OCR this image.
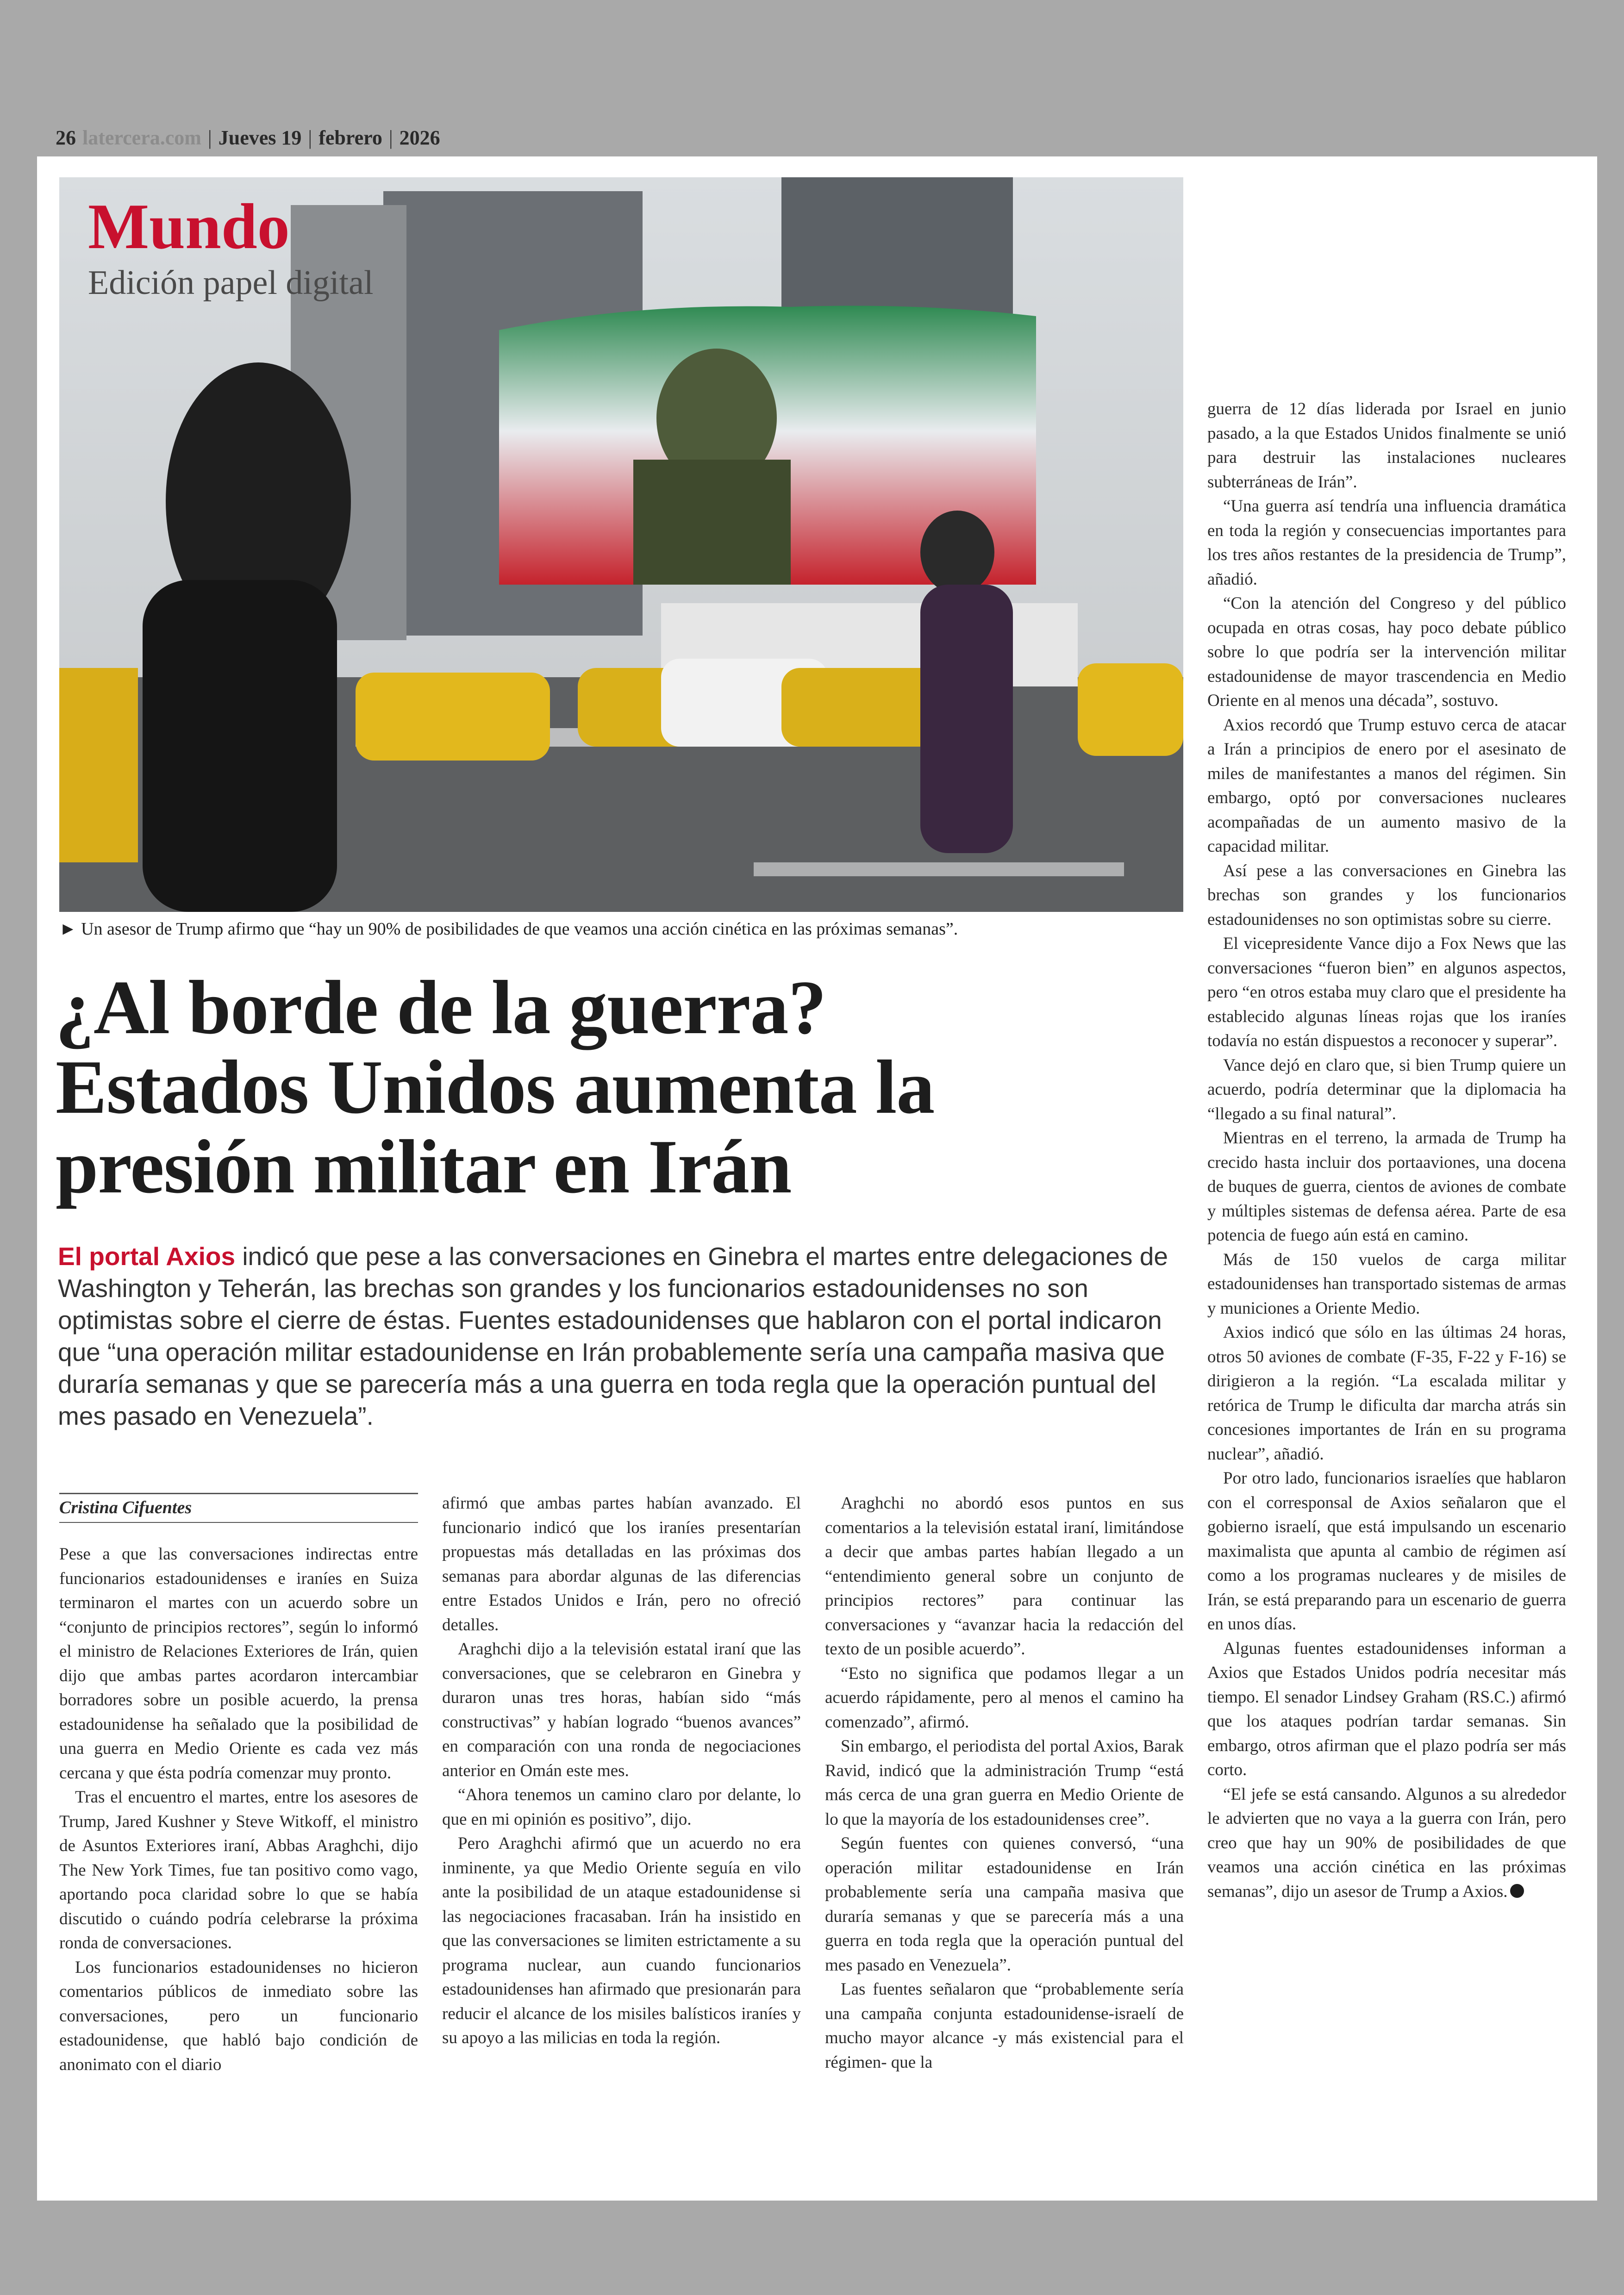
26 latercera.com | Jueves 19 | febrero | 2026
Mundo
Edición papel digital
► Un asesor de Trump afirmo que “hay un 90% de posibilidades de que veamos una acción cinética en las próximas semanas”.
¿Al borde de la guerra?
Estados Unidos aumenta la
presión militar en Irán

El portal Axios indicó que pese a las conversaciones en Ginebra el martes entre delegaciones de Washington y Teherán, las brechas son grandes y los funcionarios estadounidenses no son optimistas sobre el cierre de éstas. Fuentes estadounidenses que hablaron con el portal indicaron que “una operación militar estadounidense en Irán probablemente sería una campaña masiva que duraría semanas y que se parecería más a una guerra en toda regla que la operación puntual del mes pasado en Venezuela”.

Cristina Cifuentes

Pese a que las conversaciones indirectas entre funcionarios estadounidenses e iraníes en Suiza terminaron el martes con un acuerdo sobre un “conjunto de principios rectores”, según lo informó el ministro de Relaciones Exteriores de Irán, quien dijo que ambas partes acordaron intercambiar borradores sobre un posible acuerdo, la prensa estadounidense ha señalado que la posibilidad de una guerra en Medio Oriente es cada vez más cercana y que ésta podría comenzar muy pronto.

Tras el encuentro el martes, entre los asesores de Trump, Jared Kushner y Steve Witkoff, el ministro de Asuntos Exteriores iraní, Abbas Araghchi, dijo The New York Times, fue tan positivo como vago, aportando poca claridad sobre lo que se había discutido o cuándo podría celebrarse la próxima ronda de conversaciones.

Los funcionarios estadounidenses no hicieron comentarios públicos de inmediato sobre las conversaciones, pero un funcionario estadounidense, que habló bajo condición de anonimato con el diario

afirmó que ambas partes habían avanzado. El funcionario indicó que los iraníes presentarían propuestas más detalladas en las próximas dos semanas para abordar algunas de las diferencias entre Estados Unidos e Irán, pero no ofreció detalles.

Araghchi dijo a la televisión estatal iraní que las conversaciones, que se celebraron en Ginebra y duraron unas tres horas, habían sido “más constructivas” y habían logrado “buenos avances” en comparación con una ronda de negociaciones anterior en Omán este mes.

“Ahora tenemos un camino claro por delante, lo que en mi opinión es positivo”, dijo.

Pero Araghchi afirmó que un acuerdo no era inminente, ya que Medio Oriente seguía en vilo ante la posibilidad de un ataque estadounidense si las negociaciones fracasaban. Irán ha insistido en que las conversaciones se limiten estrictamente a su programa nuclear, aun cuando funcionarios estadounidenses han afirmado que presionarán para reducir el alcance de los misiles balísticos iraníes y su apoyo a las milicias en toda la región.

Araghchi no abordó esos puntos en sus comentarios a la televisión estatal iraní, limitándose a decir que ambas partes habían llegado a un “entendimiento general sobre un conjunto de principios rectores” para continuar las conversaciones y “avanzar hacia la redacción del texto de un posible acuerdo”.

“Esto no significa que podamos llegar a un acuerdo rápidamente, pero al menos el camino ha comenzado”, afirmó.

Sin embargo, el periodista del portal Axios, Barak Ravid, indicó que la administración Trump “está más cerca de una gran guerra en Medio Oriente de lo que la mayoría de los estadounidenses cree”.

Según fuentes con quienes conversó, “una operación militar estadounidense en Irán probablemente sería una campaña masiva que duraría semanas y que se parecería más a una guerra en toda regla que la operación puntual del mes pasado en Venezuela”.

Las fuentes señalaron que “probablemente sería una campaña conjunta estadounidense-israelí de mucho mayor alcance -y más existencial para el régimen- que la

guerra de 12 días liderada por Israel en junio pasado, a la que Estados Unidos finalmente se unió para destruir las instalaciones nucleares subterráneas de Irán”.

“Una guerra así tendría una influencia dramática en toda la región y consecuencias importantes para los tres años restantes de la presidencia de Trump”, añadió.

“Con la atención del Congreso y del público ocupada en otras cosas, hay poco debate público sobre lo que podría ser la intervención militar estadounidense de mayor trascendencia en Medio Oriente en al menos una década”, sostuvo.

Axios recordó que Trump estuvo cerca de atacar a Irán a principios de enero por el asesinato de miles de manifestantes a manos del régimen. Sin embargo, optó por conversaciones nucleares acompañadas de un aumento masivo de la capacidad militar.

Así pese a las conversaciones en Ginebra las brechas son grandes y los funcionarios estadounidenses no son optimistas sobre su cierre.

El vicepresidente Vance dijo a Fox News que las conversaciones “fueron bien” en algunos aspectos, pero “en otros estaba muy claro que el presidente ha establecido algunas líneas rojas que los iraníes todavía no están dispuestos a reconocer y superar”.

Vance dejó en claro que, si bien Trump quiere un acuerdo, podría determinar que la diplomacia ha “llegado a su final natural”.

Mientras en el terreno, la armada de Trump ha crecido hasta incluir dos portaaviones, una docena de buques de guerra, cientos de aviones de combate y múltiples sistemas de defensa aérea. Parte de esa potencia de fuego aún está en camino.

Más de 150 vuelos de carga militar estadounidenses han transportado sistemas de armas y municiones a Oriente Medio.

Axios indicó que sólo en las últimas 24 horas, otros 50 aviones de combate (F-35, F-22 y F-16) se dirigieron a la región. “La escalada militar y retórica de Trump le dificulta dar marcha atrás sin concesiones importantes de Irán en su programa nuclear”, añadió.

Por otro lado, funcionarios israelíes que hablaron con el corresponsal de Axios señalaron que el gobierno israelí, que está impulsando un escenario maximalista que apunta al cambio de régimen así como a los programas nucleares y de misiles de Irán, se está preparando para un escenario de guerra en unos días.

Algunas fuentes estadounidenses informan a Axios que Estados Unidos podría necesitar más tiempo. El senador Lindsey Graham (RS.C.) afirmó que los ataques podrían tardar semanas. Sin embargo, otros afirman que el plazo podría ser más corto.

“El jefe se está cansando. Algunos a su alrededor le advierten que no vaya a la guerra con Irán, pero creo que hay un 90% de posibilidades de que veamos una acción cinética en las próximas semanas”, dijo un asesor de Trump a Axios.
